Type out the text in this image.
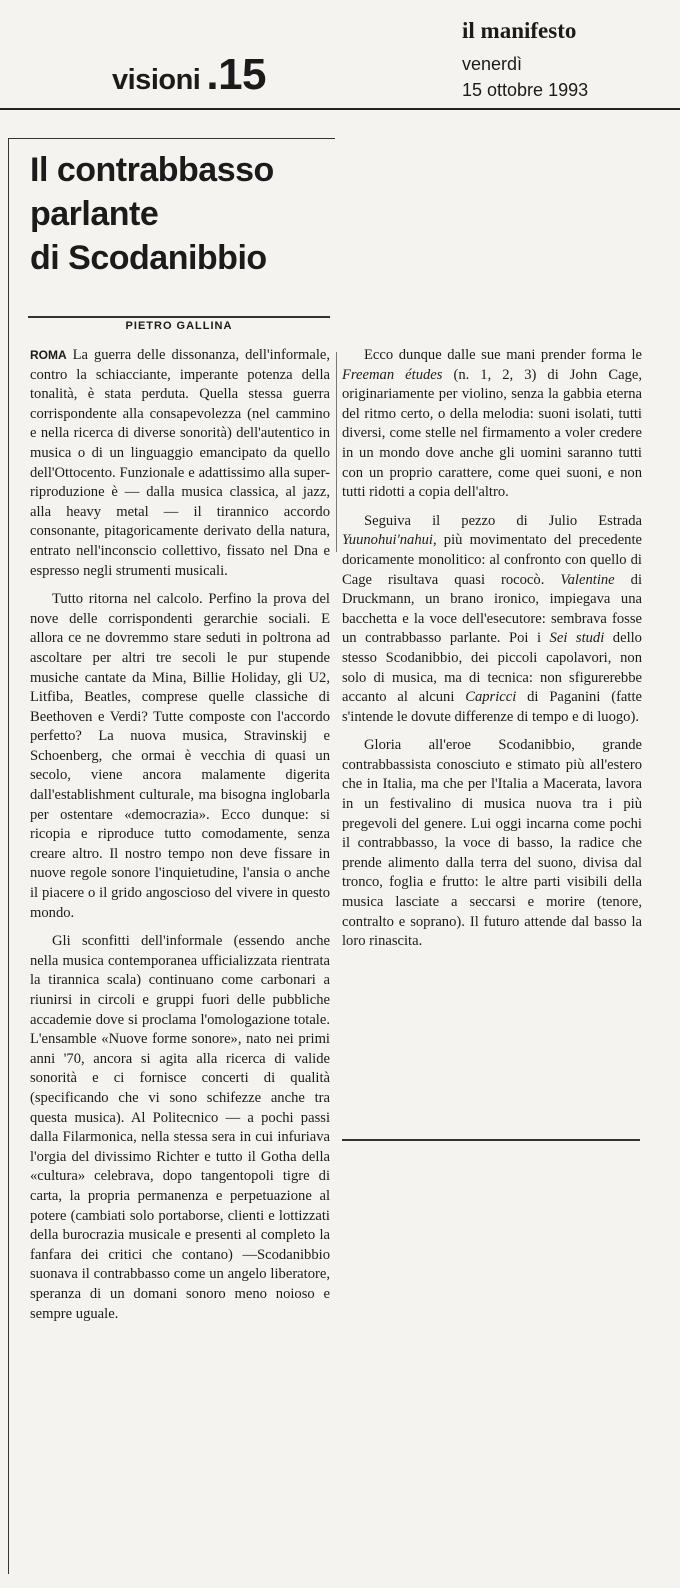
visioni .15
il manifesto
venerdì
15 ottobre 1993
Il contrabbasso
parlante
di Scodanibbio
PIETRO GALLINA

ROMA La guerra delle dissonanza, dell'informale, contro la schiacciante, imperante potenza della tonalità, è stata perduta. Quella stessa guerra corrispondente alla consapevolezza (nel cammino e nella ricerca di diverse sonorità) dell'autentico in musica o di un linguaggio emancipato da quello dell'Ottocento. Funzionale e adattissimo alla super-riproduzione è — dalla musica classica, al jazz, alla heavy metal — il tirannico accordo consonante, pitagoricamente derivato della natura, entrato nell'inconscio collettivo, fissato nel Dna e espresso negli strumenti musicali.

Tutto ritorna nel calcolo. Perfino la prova del nove delle corrispondenti gerarchie sociali. E allora ce ne dovremmo stare seduti in poltrona ad ascoltare per altri tre secoli le pur stupende musiche cantate da Mina, Billie Holiday, gli U2, Litfiba, Beatles, comprese quelle classiche di Beethoven e Verdi? Tutte composte con l'accordo perfetto? La nuova musica, Stravinskij e Schoenberg, che ormai è vecchia di quasi un secolo, viene ancora malamente digerita dall'establishment culturale, ma bisogna inglobarla per ostentare «democrazia». Ecco dunque: si ricopia e riproduce tutto comodamente, senza creare altro. Il nostro tempo non deve fissare in nuove regole sonore l'inquietudine, l'ansia o anche il piacere o il grido angoscioso del vivere in questo mondo.

Gli sconfitti dell'informale (essendo anche nella musica contemporanea ufficializzata rientrata la tirannica scala) continuano come carbonari a riunirsi in circoli e gruppi fuori delle pubbliche accademie dove si proclama l'omologazione totale. L'ensamble «Nuove forme sonore», nato nei primi anni '70, ancora si agita alla ricerca di valide sonorità e ci fornisce concerti di qualità (specificando che vi sono schifezze anche tra questa musica). Al Politecnico — a pochi passi dalla Filarmonica, nella stessa sera in cui infuriava l'orgia del divissimo Richter e tutto il Gotha della «cultura» celebrava, dopo tangentopoli tigre di carta, la propria permanenza e perpetuazione al potere (cambiati solo portaborse, clienti e lottizzati della burocrazia musicale e presenti al completo la fanfara dei critici che contano) —Scodanibbio suonava il contrabbasso come un angelo liberatore, speranza di un domani sonoro meno noioso e sempre uguale.

Ecco dunque dalle sue mani prender forma le Freeman études (n. 1, 2, 3) di John Cage, originariamente per violino, senza la gabbia eterna del ritmo certo, o della melodia: suoni isolati, tutti diversi, come stelle nel firmamento a voler credere in un mondo dove anche gli uomini saranno tutti con un proprio carattere, come quei suoni, e non tutti ridotti a copia dell'altro.

Seguiva il pezzo di Julio Estrada Yuunohui'nahui, più movimentato del precedente doricamente monolitico: al confronto con quello di Cage risultava quasi rococò. Valentine di Druckmann, un brano ironico, impiegava una bacchetta e la voce dell'esecutore: sembrava fosse un contrabbasso parlante. Poi i Sei studi dello stesso Scodanibbio, dei piccoli capolavori, non solo di musica, ma di tecnica: non sfigurerebbe accanto al alcuni Capricci di Paganini (fatte s'intende le dovute differenze di tempo e di luogo).

Gloria all'eroe Scodanibbio, grande contrabbassista conosciuto e stimato più all'estero che in Italia, ma che per l'Italia a Macerata, lavora in un festivalino di musica nuova tra i più pregevoli del genere. Lui oggi incarna come pochi il contrabbasso, la voce di basso, la radice che prende alimento dalla terra del suono, divisa dal tronco, foglia e frutto: le altre parti visibili della musica lasciate a seccarsi e morire (tenore, contralto e soprano). Il futuro attende dal basso la loro rinascita.
